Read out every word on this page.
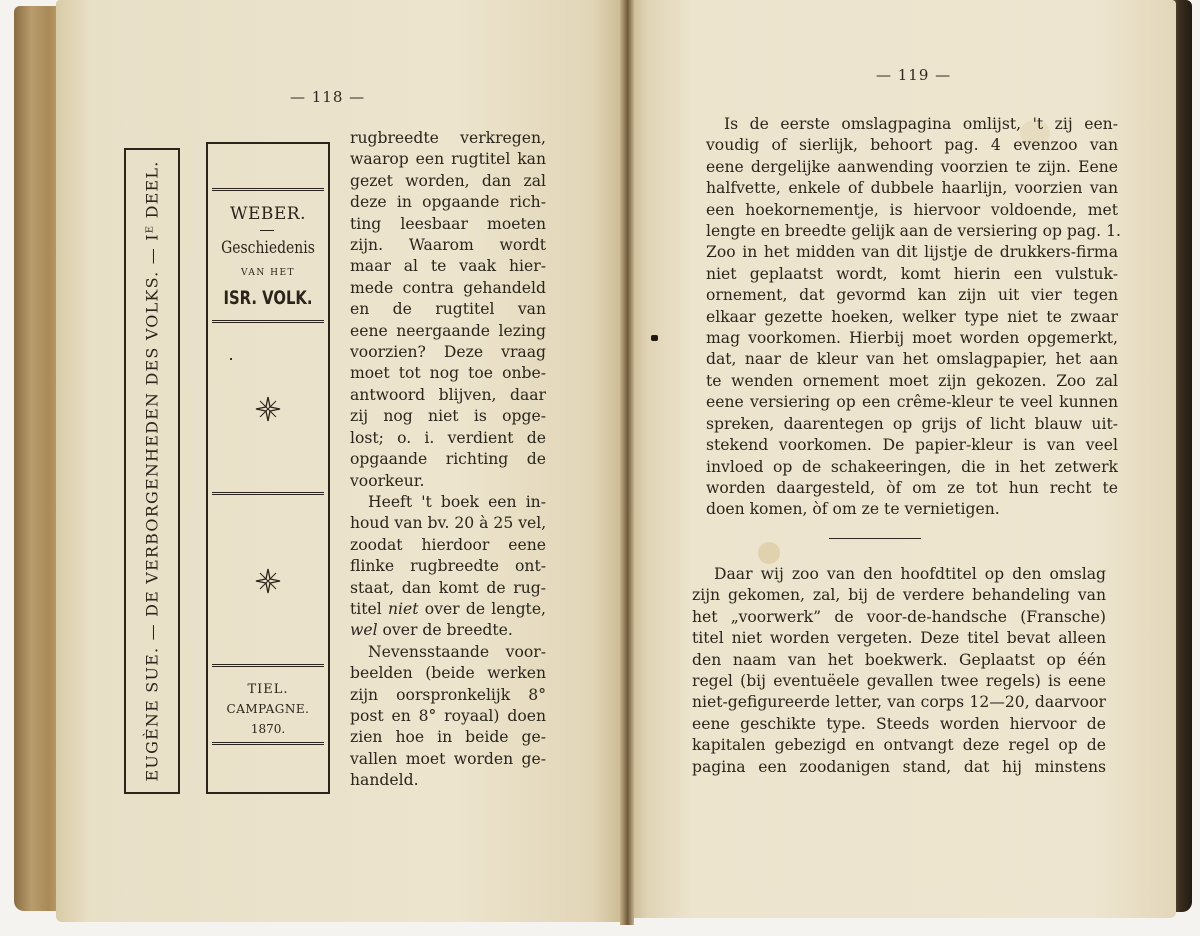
— 118 —
EUGÈNE SUE. — DE VERBORGENHEDEN DES VOLKS. — Iᴱ DEEL.	WEBER.
Geschiedenis
VAN HET
ISR. VOLK.
TIEL.
CAMPAGNE.
1870.

rugbreedte verkregen,

waarop een rugtitel kan

gezet worden, dan zal

deze in opgaande rich-

ting leesbaar moeten

zijn. Waarom wordt

maar al te vaak hier-

mede contra gehandeld

en de rugtitel van

eene neergaande lezing

voorzien? Deze vraag

moet tot nog toe onbe-

antwoord blijven, daar

zij nog niet is opge-

lost; o. i. verdient de

opgaande richting de

voorkeur.

Heeft 't boek een in-

houd van bv. 20 à 25 vel,

zoodat hierdoor eene

flinke rugbreedte ont-

staat, dan komt de rug-

titel niet over de lengte,

wel over de breedte.

Nevensstaande voor-

beelden (beide werken

zijn oorspronkelijk 8°

post en 8° royaal) doen

zien hoe in beide ge-

vallen moet worden ge-

handeld.

— 119 —

Is de eerste omslagpagina omlijst, 't zij een-

voudig of sierlijk, behoort pag. 4 evenzoo van

eene dergelijke aanwending voorzien te zijn. Eene

halfvette, enkele of dubbele haarlijn, voorzien van

een hoekornementje, is hiervoor voldoende, met

lengte en breedte gelijk aan de versiering op pag. 1.

Zoo in het midden van dit lijstje de drukkers-firma

niet geplaatst wordt, komt hierin een vulstuk-

ornement, dat gevormd kan zijn uit vier tegen

elkaar gezette hoeken, welker type niet te zwaar

mag voorkomen. Hierbij moet worden opgemerkt,

dat, naar de kleur van het omslagpapier, het aan

te wenden ornement moet zijn gekozen. Zoo zal

eene versiering op een crême-kleur te veel kunnen

spreken, daarentegen op grijs of licht blauw uit-

stekend voorkomen. De papier-kleur is van veel

invloed op de schakeeringen, die in het zetwerk

worden daargesteld, òf om ze tot hun recht te

doen komen, òf om ze te vernietigen.

Daar wij zoo van den hoofdtitel op den omslag

zijn gekomen, zal, bij de verdere behandeling van

het „voorwerk” de voor-de-handsche (Fransche)

titel niet worden vergeten. Deze titel bevat alleen

den naam van het boekwerk. Geplaatst op één

regel (bij eventuëele gevallen twee regels) is eene

niet-gefigureerde letter, van corps 12—20, daarvoor

eene geschikte type. Steeds worden hiervoor de

kapitalen gebezigd en ontvangt deze regel op de

pagina een zoodanigen stand, dat hij minstens
